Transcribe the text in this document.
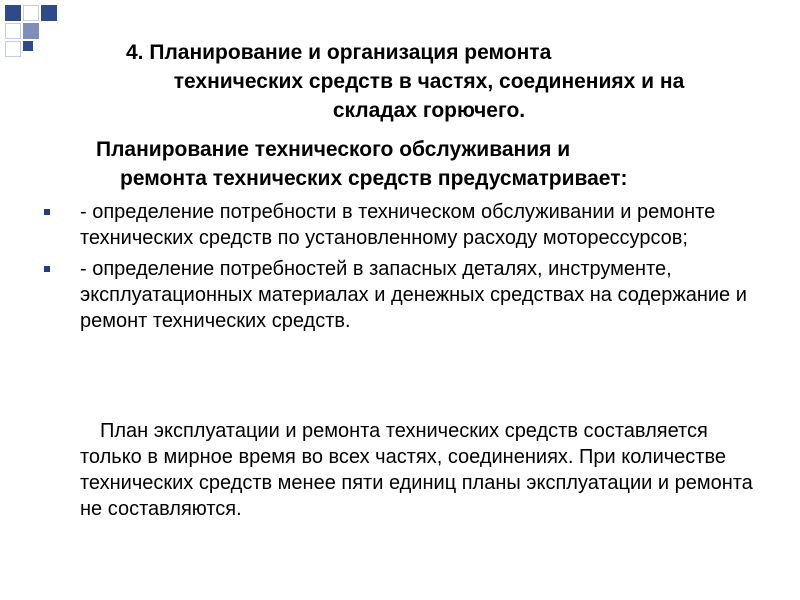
4. Планирование и организация ремонта
технических средств в частях, соединениях и на
складах горючего.
Планирование технического обслуживания и
ремонта технических средств предусматривает:
- определение потребности в техническом обслуживании и ремонте технических средств по установленному расходу моторессурсов;
- определение потребностей в запасных деталях, инструменте, эксплуатационных материалах и денежных средствах на содержание и ремонт технических средств.
План эксплуатации и ремонта технических средств составляется только в мирное время во всех частях, соединениях. При количестве технических средств менее пяти единиц планы эксплуатации и ремонта не составляются.
